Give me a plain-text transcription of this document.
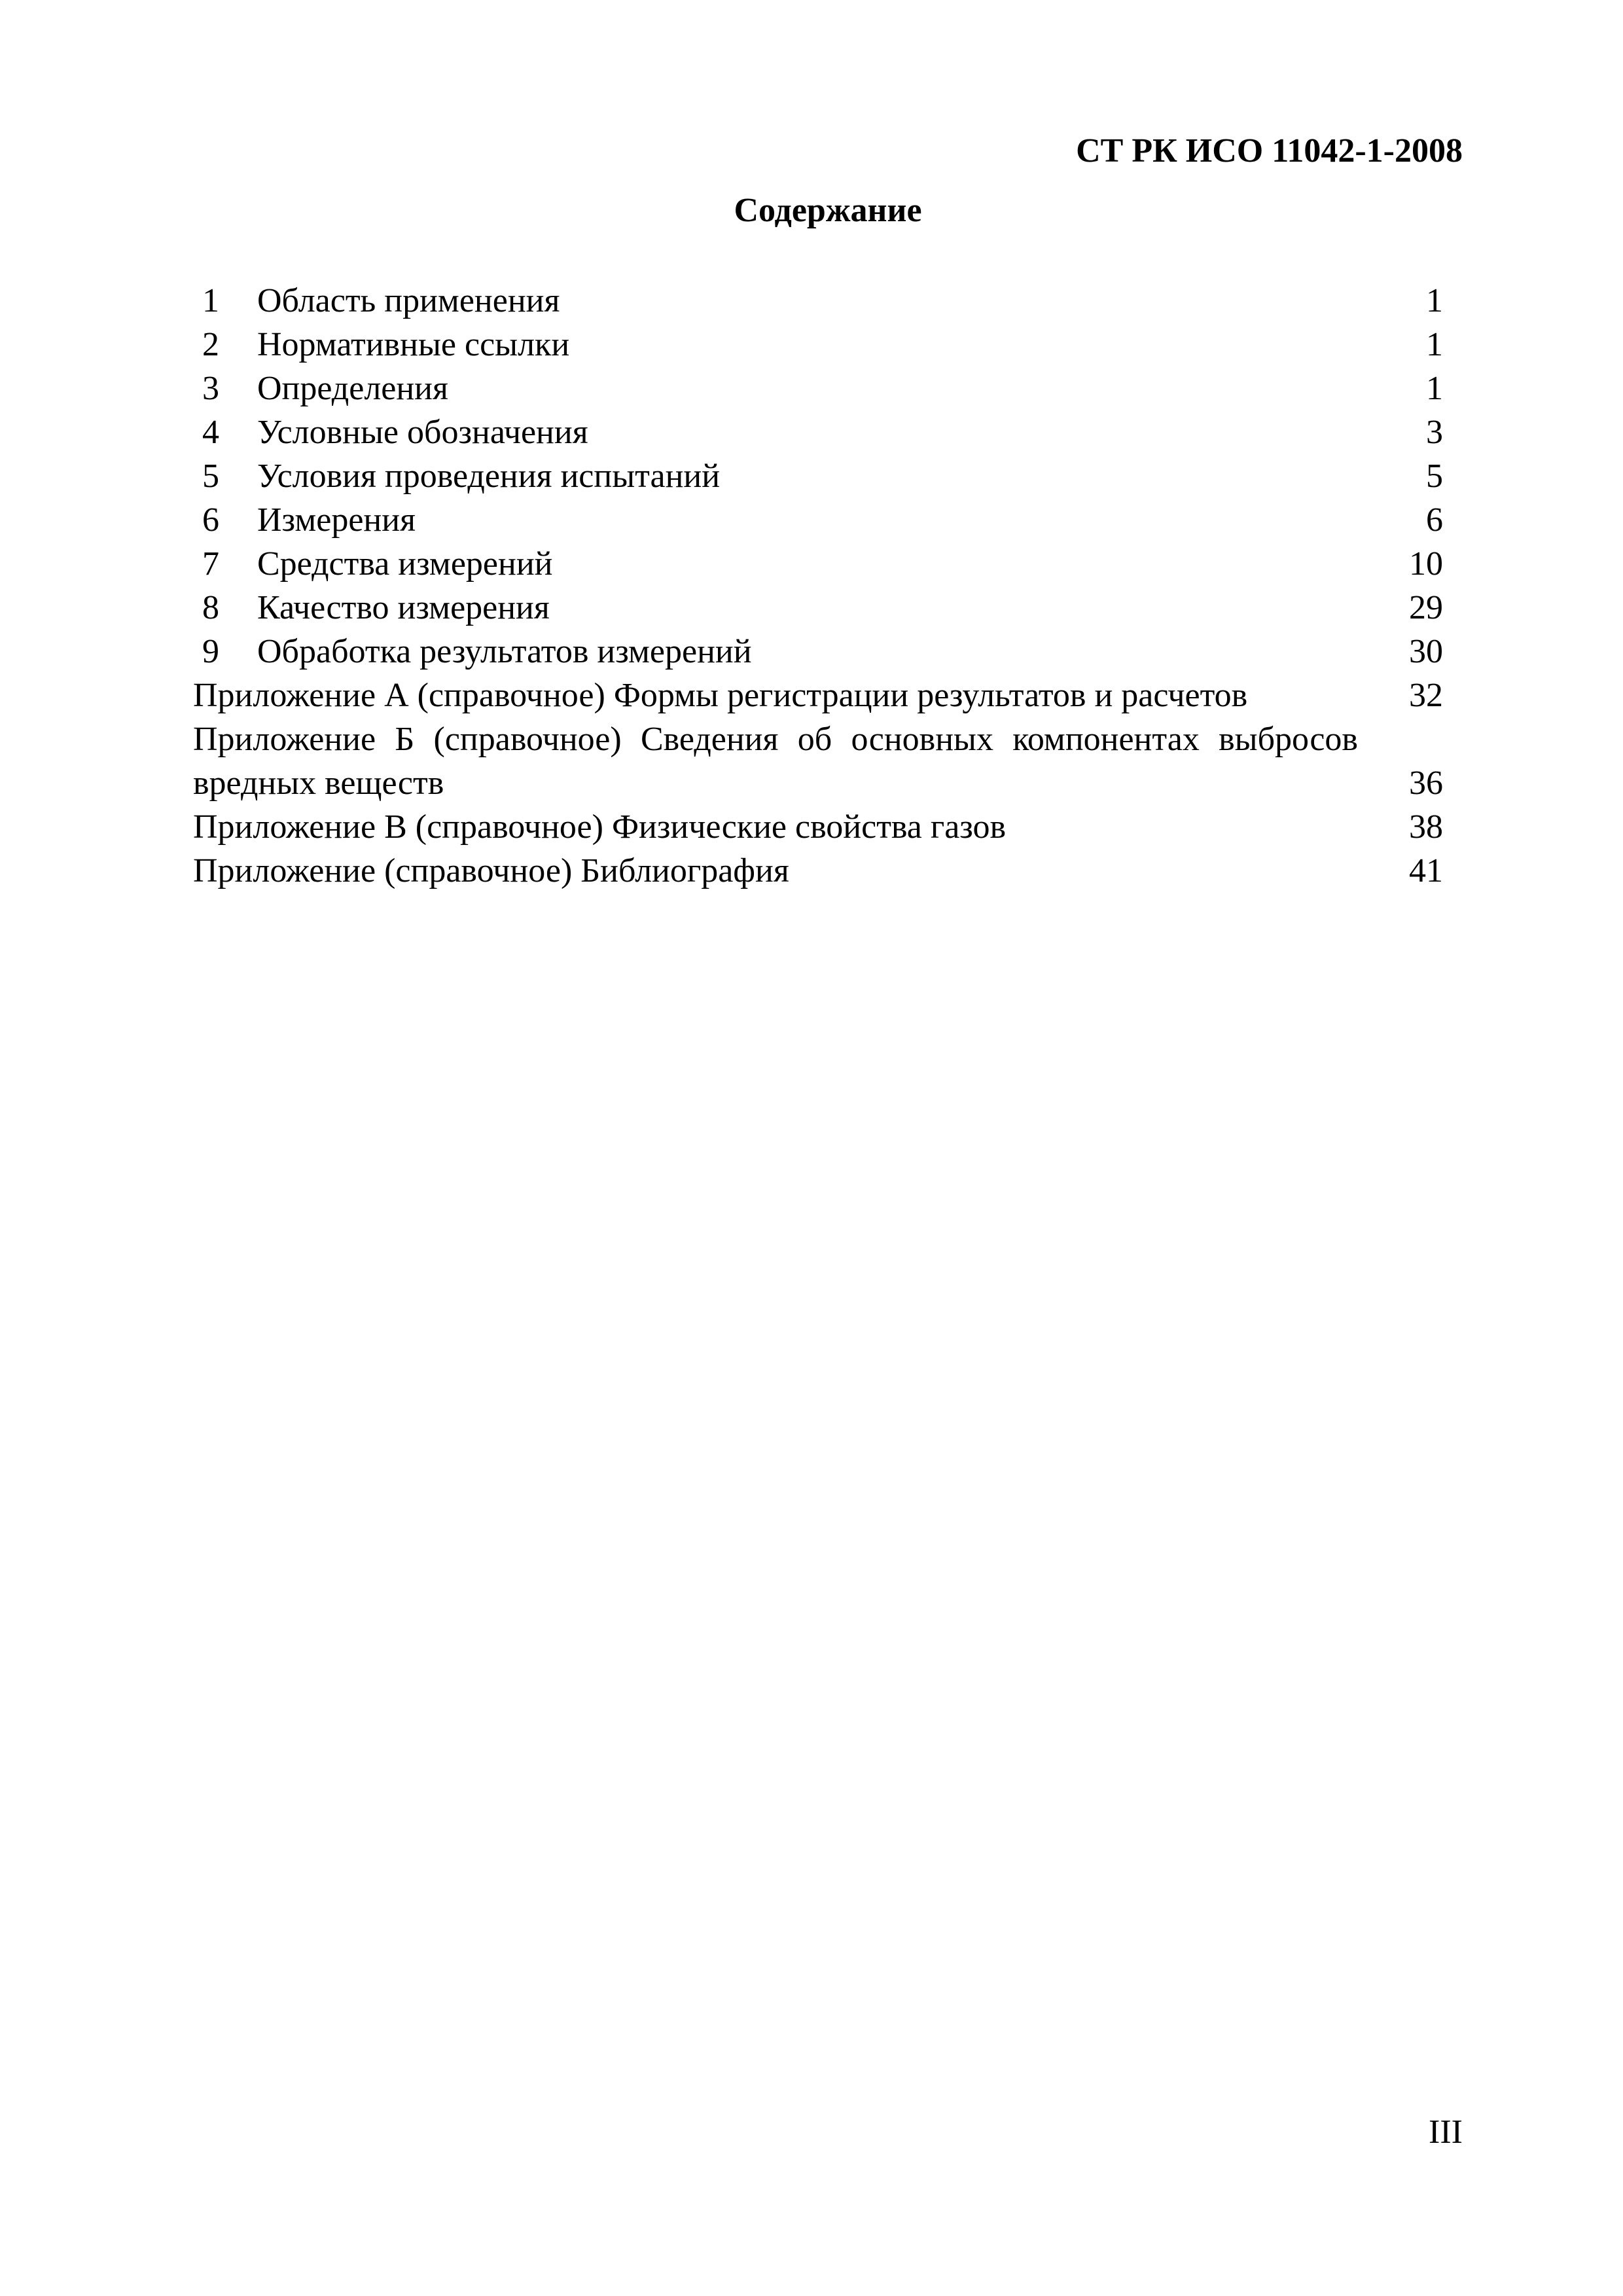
СТ РК ИСО 11042-1-2008
Содержание
1 Область применения	1
2 Нормативные ссылки	1
3 Определения	1
4 Условные обозначения	3
5 Условия проведения испытаний	5
6 Измерения	6
7 Средства измерений	10
8 Качество измерения	29
9 Обработка результатов измерений	30
Приложение А (справочное) Формы регистрации результатов и расчетов	32
Приложение Б (справочное) Сведения об основных компонентах выбросов вредных веществ	36
Приложение В (справочное) Физические свойства газов	38
Приложение (справочное) Библиография	41
III
